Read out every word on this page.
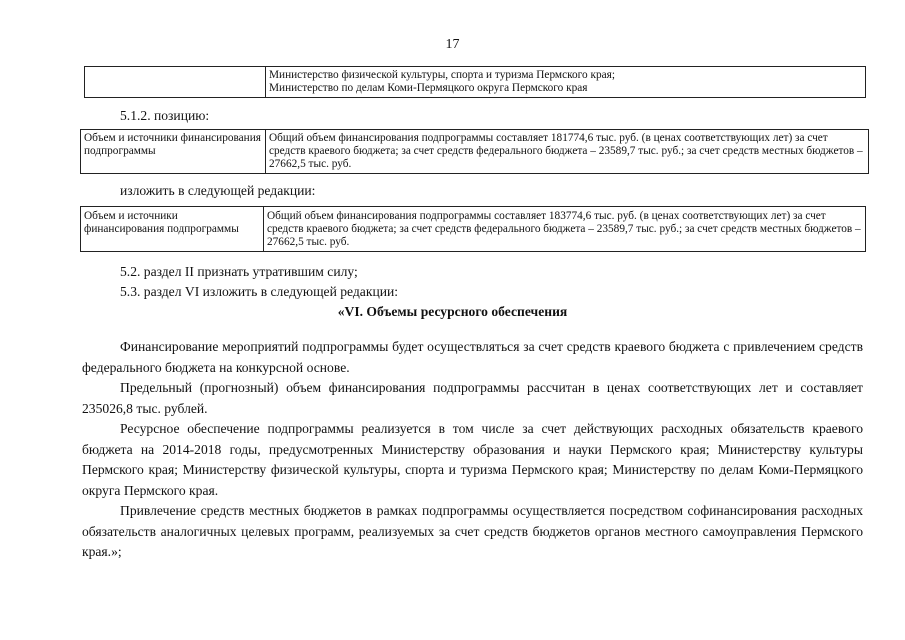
17
Министерство физической культуры, спорта и туризма Пермского края;
Министерство по делам Коми-Пермяцкого округа Пермского края
5.1.2. позицию:
Объем и источники финансирования подпрограммы
Общий объем финансирования подпрограммы составляет 181774,6 тыс. руб. (в ценах соответствующих лет) за счет средств краевого бюджета; за счет средств федерального бюджета – 23589,7 тыс. руб.; за счет средств местных бюджетов – 27662,5 тыс. руб.
изложить в следующей редакции:
Объем и источники финансирования подпрограммы
Общий объем финансирования подпрограммы составляет 183774,6 тыс. руб. (в ценах соответствующих лет) за счет средств краевого бюджета; за счет средств федерального бюджета – 23589,7 тыс. руб.; за счет средств местных бюджетов – 27662,5 тыс. руб.
5.2. раздел II признать утратившим силу;
5.3. раздел VI изложить в следующей редакции:
«VI. Объемы ресурсного обеспечения

Финансирование мероприятий подпрограммы будет осуществляться за счет средств краевого бюджета с привлечением средств федерального бюджета на конкурсной основе.

Предельный (прогнозный) объем финансирования подпрограммы рассчитан в ценах соответствующих лет и составляет 235026,8 тыс. рублей.

Ресурсное обеспечение подпрограммы реализуется в том числе за счет действующих расходных обязательств краевого бюджета на 2014-2018 годы, предусмотренных Министерству образования и науки Пермского края; Министерству культуры Пермского края; Министерству физической культуры, спорта и туризма Пермского края; Министерству по делам Коми-Пермяцкого округа Пермского края.

Привлечение средств местных бюджетов в рамках подпрограммы осуществляется посредством софинансирования расходных обязательств аналогичных целевых программ, реализуемых за счет средств бюджетов органов местного самоуправления Пермского края.»;
